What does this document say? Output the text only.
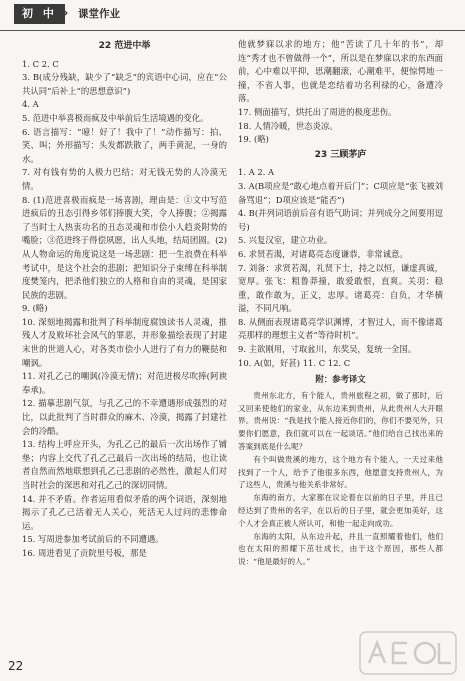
初 中 » 课堂作业

22 范进中举

1. C 2. C

3. B(成分残缺，缺少了“缺乏”的宾语中心词，应在“公共认同”后补上“的思想意识”)

4. A

5. 范进中举喜极而疯及中举前后生活境遇的变化。

6. 语言描写：“噫！好了！我中了！”动作描写：拍、笑、叫；外形描写：头发都跌散了，两手黄泥，一身的水。

7. 对有钱有势的人极力巴结；对无钱无势的人冷漠无情。

8. (1)范进喜极而疯是一场喜剧，理由是：①文中写范进疯后的丑态引得乡邻们捧腹大笑，令人捧腹；②揭露了当时士人热衷功名的丑态灵魂和市侩小人趋炎附势的嘴脸；③范进终于得偿夙愿，出人头地，结局团圆。(2)从人物命运的角度说这是一场悲剧：把一生浪费在科举考试中，是这个社会的悲剧；把知识分子束缚在科举制度樊笼内，把杀他们独立的人格和自由的灵魂，是国家民族的悲剧。

9. (略)

10. 深刻地揭露和批判了科举制度腐蚀读书人灵魂，推残人才及败坏社会风气的罪恶，并形象描绘表现了封建末世的世道人心，对各类市侩小人进行了有力的鞭挞和嘲讽。

11. 对孔乙己的嘲讽(冷漠无情)；对范进极尽吹捧(阿谀奉承)。

12. 描摹悲剧气氛，与孔乙己的不幸遭遇形成强烈的对比，以此批判了当时群众的麻木、冷漠，揭露了封建社会的冷酷。

13. 结构上呼应开头，为孔乙己的最后一次出场作了铺垫；内容上交代了孔乙己最后一次出场的结局，也让读者自然而然地联想到孔乙己悲剧的必然性，激起人们对当时社会的深思和对孔乙己的深切同情。

14. 并不矛盾。作者运用看似矛盾的两个词语，深刻地揭示了孔乙己活着无人关心，死活无人过问的悲惨命运。

15. 写周进参加考试前后的不同遭遇。

16. 周进看见了贡院里号板，那是

他就梦寐以求的地方；他“苦读了几十年的书”，却连“秀才也不曾做得一个”，所以是在梦寐以求的东西面前，心中难以平抑，思潮翻滚，心潮难平，便惊愕地一撞，不省人事，也就是恋结着功名利禄的心，备遭冷落。

17. 侧面描写，烘托出了周进的极度悲伤。

18. 人情冷暖，世态炎凉。

19. (略)

23 三顾茅庐

1. A 2. A

3. A(B项应是“敢心地点着开后门”；C项应是“张飞被刘备骂退”；D项应该是“能否”)

4. B(并列词语前后音有语气助词；并列成分之间要用逗号)

5. 兴复汉室，建立功业。

6. 求贤若渴，对诸葛亮态度谦恭，非常诚意。

7. 刘备：求贤若渴，礼贤下士，持之以恒，谦虚真诚，宽厚。张飞：粗鲁莽撞，敢爱敢恨，直爽。关羽：稳重，敢作敢为，正义，忠厚。诸葛亮：自负，才华横溢，不同凡响。

8. 从侧面表现诸葛亮学识渊博，才智过人，而不像诸葛亮那样的理想主义者“等待时机”。

9. 主欲刚用，寸取盆川，东奖吴，复统一全国。

10. A(如，好甚) 11. C 12. C

附：参考译文

贵州东北方，有个能人，贵州旅程之初，做了那时，后又回来使他们的家业，从东边来到贵州，从此贵州人大开眼界。贵州说：“我是找个能人接近你们的，你们不要见外，只要你们愿意，我们就可以在一起谈话。”他们给自己找出来的答案到底是什么呢？

有个叫做贵溪的地方，这个地方有个能人，一天过来他找到了一个人，给予了他很多东西，他愿意支持贵州人，为了这些人，贵溪与他关系非常好。

东海的南方，大家都在议论着在以前的日子里，并且已经达到了贵州的名字，在以后的日子里，就会更加美好，这个人才会真正被人所认可，和他一起走向成功。

东海的太阳，从东边升起，并且一直照耀着他们，他们也在太阳的照耀下茁壮成长，由于这个原因，那些人都说：“他是最好的人。”

22
